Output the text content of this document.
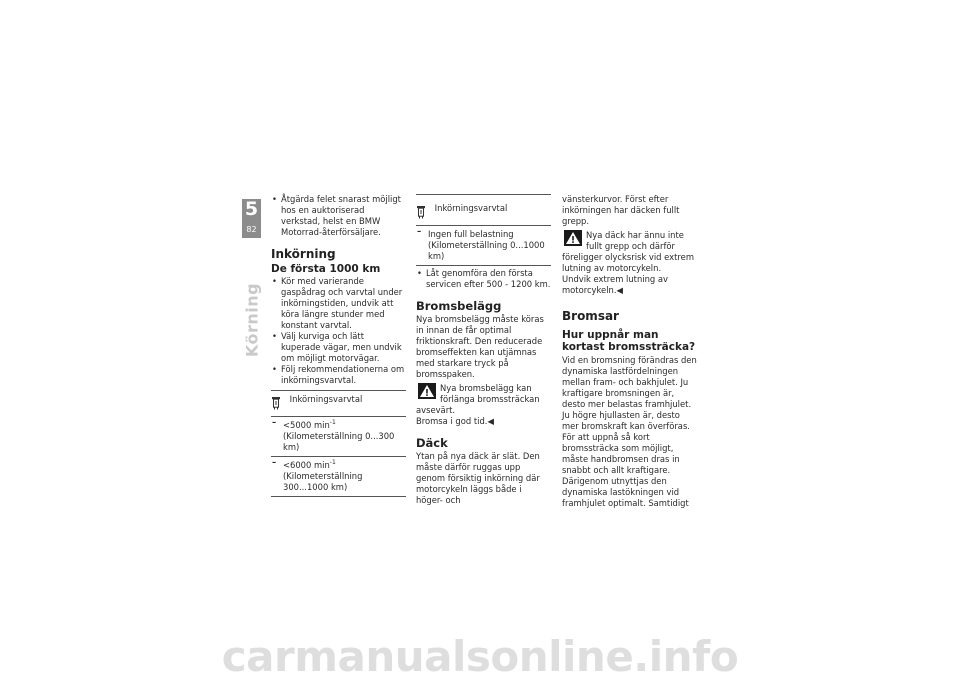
5
82
Körning

• Åtgärda felet snarast möjligt hos en auktoriserad verkstad, helst en BMW Motorrad-återförsäljare.

Inkörning
De första 1000 km

• Kör med varierande gaspådrag och varvtal under inkörningstiden, undvik att köra längre stunder med konstant varvtal.

• Välj kurviga och lätt kuperade vägar, men undvik om möjligt motorvägar.

• Följ rekommendationerna om inkörningsvarvtal.

Inkörningsvarvtal
– <5000 $\min^{-1}$ (Kilometerställning 0...300 km)
– <6000 $\min^{-1}$ (Kilometerställning 300...1000 km)
Inkörningsvarvtal
– Ingen full belastning (Kilometerställning 0...1000 km)

• Låt genomföra den första servicen efter 500 - 1200 km.

Bromsbelägg

Nya bromsbelägg måste köras in innan de får optimal friktionskraft. Den reducerade bromseffekten kan utjämnas med starkare tryck på bromsspaken.

Nya bromsbelägg kan förlänga bromssträckan avsevärt.

Bromsa i god tid.◀

Däck

Ytan på nya däck är slät. Den måste därför ruggas upp genom försiktig inkörning där motorcykeln läggs både i höger- och

vänsterkurvor. Först efter inkörningen har däcken fullt grepp.

Nya däck har ännu inte fullt grepp och därför föreligger olycksrisk vid extrem lutning av motorcykeln.

Undvik extrem lutning av motorcykeln.◀

Bromsar
Hur uppnår man kortast bromssträcka?

Vid en bromsning förändras den dynamiska lastfördelningen mellan fram- och bakhjulet. Ju kraftigare bromsningen är, desto mer belastas framhjulet. Ju högre hjullasten är, desto mer bromskraft kan överföras.

För att uppnå så kort bromssträcka som möjligt, måste handbromsen dras in snabbt och allt kraftigare. Därigenom utnyttjas den dynamiska lastökningen vid framhjulet optimalt. Samtidigt

carmanualsonline.info
